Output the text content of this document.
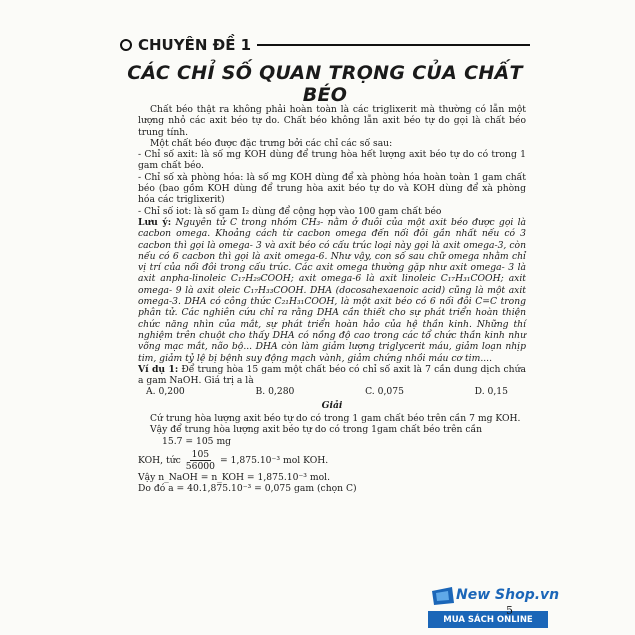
CHUYÊN ĐỀ 1
CÁC CHỈ SỐ QUAN TRỌNG CỦA CHẤT BÉO

Chất béo thật ra không phải hoàn toàn là các triglixerit mà thường có lẫn một lượng nhỏ các axit béo tự do. Chất béo không lẫn axit béo tự do gọi là chất béo trung tính.

Một chất béo được đặc trưng bởi các chỉ các số sau:

- Chỉ số axit: là số mg KOH dùng để trung hòa hết lượng axit béo tự do có trong 1 gam chất béo.

- Chỉ số xà phòng hóa: là số mg KOH dùng để xà phòng hóa hoàn toàn 1 gam chất béo (bao gồm KOH dùng để trung hòa axit béo tự do và KOH dùng để xà phòng hóa các triglixerit)

- Chỉ số iot: là số gam I₂ dùng để cộng hợp vào 100 gam chất béo

Lưu ý: Nguyên tử C trong nhóm CH₃- nằm ở đuôi của một axit béo được gọi là cacbon omega. Khoảng cách từ cacbon omega đến nối đôi gần nhất nếu có 3 cacbon thì gọi là omega- 3 và axit béo có cấu trúc loại này gọi là axit omega-3, còn nếu có 6 cacbon thì gọi là axit omega-6. Như vậy, con số sau chữ omega nhằm chỉ vị trí của nối đôi trong cấu trúc. Các axit omega thường gặp như axit omega- 3 là axit anpha-linoleic C₁₇H₂₉COOH; axit omega-6 là axit linoleic C₁₇H₃₁COOH; axit omega- 9 là axit oleic C₁₇H₃₃COOH. DHA (docosahexaenoic acid) cũng là một axit omega-3. DHA có công thức C₂₁H₃₁COOH, là một axit béo có 6 nối đôi C=C trong phân tử. Các nghiên cứu chỉ ra rằng DHA cần thiết cho sự phát triển hoàn thiện chức năng nhìn của mắt, sự phát triển hoàn hảo của hệ thần kinh. Những thí nghiệm trên chuột cho thấy DHA có nồng độ cao trong các tổ chức thần kinh như võng mạc mắt, não bộ... DHA còn làm giảm lượng triglycerit máu, giảm loạn nhịp tim, giảm tỷ lệ bị bệnh suy động mạch vành, giảm chứng nhồi máu cơ tim....

Ví dụ 1: Để trung hòa 15 gam một chất béo có chỉ số axit là 7 cần dung dịch chứa a gam NaOH. Giá trị a là

A. 0,200	B. 0,280	C. 0,075	D. 0,15
Giải

Cứ trung hòa lượng axit béo tự do có trong 1 gam chất béo trên cần 7 mg KOH.

Vậy để trung hòa lượng axit béo tự do có trong 1gam chất béo trên cần

15.7 = 105 mg

KOH, tức $\frac{105}{56000} = 1,875.10^{-3}$ mol KOH.

Vậy n_NaOH = n_KOH = 1,875.10⁻³ mol.

Do đó a = 40.1,875.10⁻³ = 0,075 gam (chọn C)

New Shop.vn
MUA SÁCH ONLINE
5
